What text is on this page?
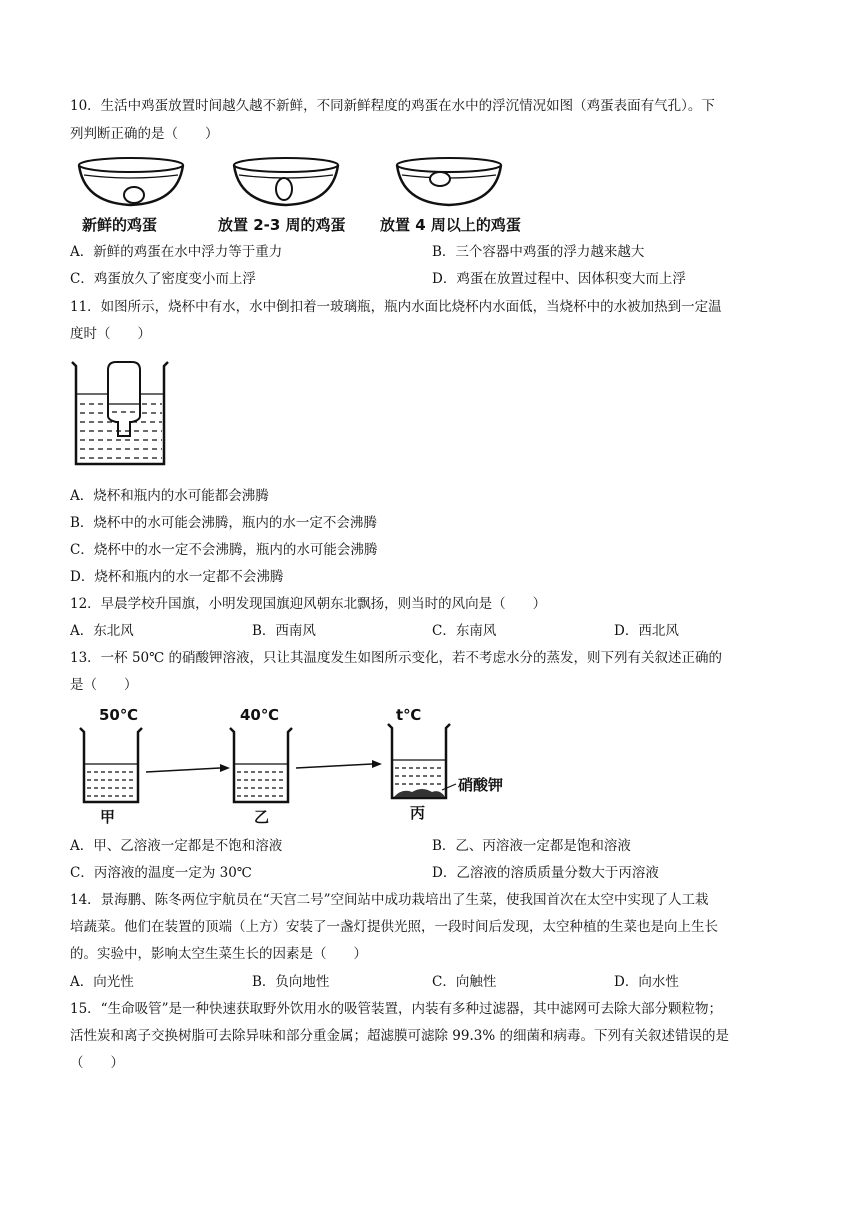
10．生活中鸡蛋放置时间越久越不新鲜，不同新鲜程度的鸡蛋在水中的浮沉情况如图（鸡蛋表面有气孔）。下
列判断正确的是（　　）
新鲜的鸡蛋	放置 2-3 周的鸡蛋 放置 4 周以上的鸡蛋
A．新鲜的鸡蛋在水中浮力等于重力	B．三个容器中鸡蛋的浮力越来越大
C．鸡蛋放久了密度变小而上浮	D．鸡蛋在放置过程中、因体积变大而上浮
11．如图所示，烧杯中有水，水中倒扣着一玻璃瓶，瓶内水面比烧杯内水面低，当烧杯中的水被加热到一定温
度时（　　）
A．烧杯和瓶内的水可能都会沸腾
B．烧杯中的水可能会沸腾，瓶内的水一定不会沸腾
C．烧杯中的水一定不会沸腾，瓶内的水可能会沸腾
D．烧杯和瓶内的水一定都不会沸腾
12．早晨学校升国旗，小明发现国旗迎风朝东北飘扬，则当时的风向是（　　）
A．东北风	B．西南风	C．东南风	D．西北风
13．一杯 50℃ 的硝酸钾溶液，只让其温度发生如图所示变化，若不考虑水分的蒸发，则下列有关叙述正确的
是（　　）
50℃	40℃	t℃
硝酸钾
甲	乙	丙
A．甲、乙溶液一定都是不饱和溶液	B．乙、丙溶液一定都是饱和溶液
C．丙溶液的温度一定为 30℃	D．乙溶液的溶质质量分数大于丙溶液
14．景海鹏、陈冬两位宇航员在“天宫二号”空间站中成功栽培出了生菜，使我国首次在太空中实现了人工栽
培蔬菜。他们在装置的顶端（上方）安装了一盏灯提供光照，一段时间后发现，太空种植的生菜也是向上生长
的。实验中，影响太空生菜生长的因素是（　　）
A．向光性	B．负向地性	C．向触性	D．向水性
15．“生命吸管”是一种快速获取野外饮用水的吸管装置，内装有多种过滤器，其中滤网可去除大部分颗粒物；
活性炭和离子交换树脂可去除异味和部分重金属；超滤膜可滤除 99.3% 的细菌和病毒。下列有关叙述错误的是
（　　）
